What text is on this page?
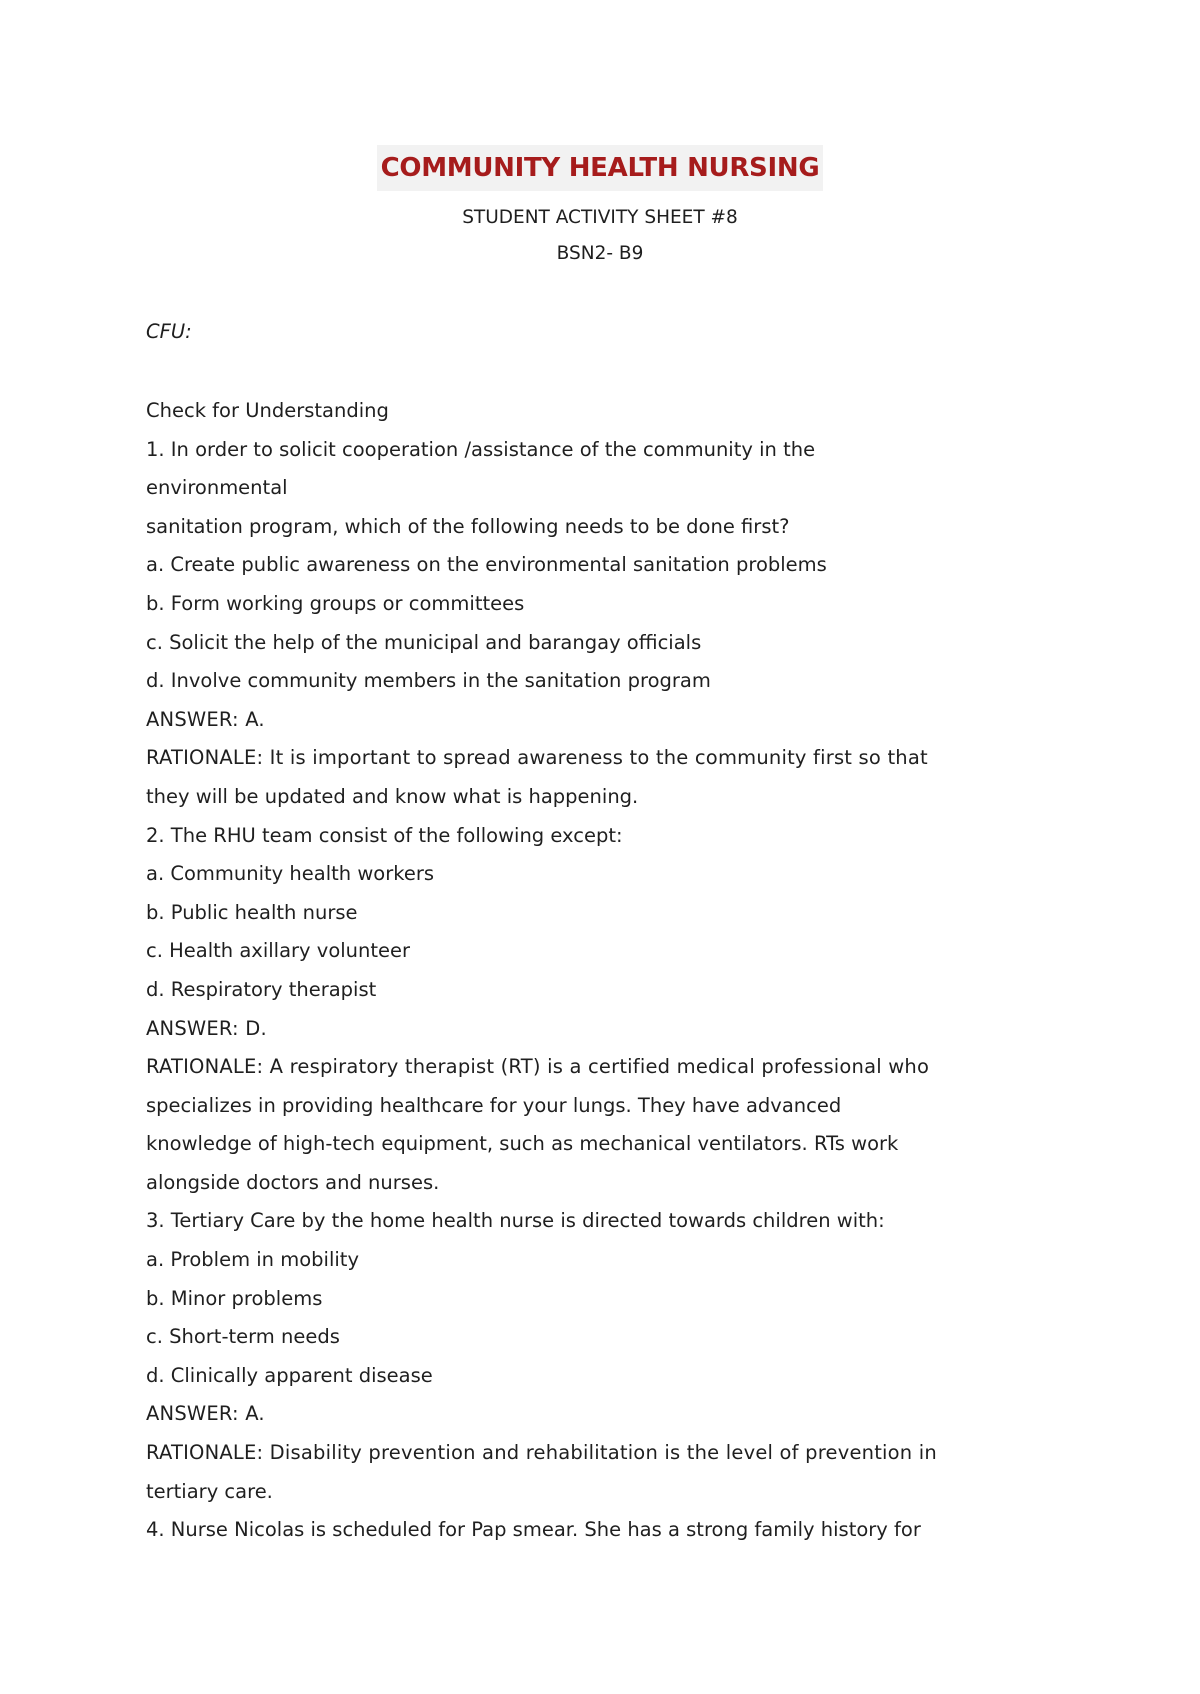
COMMUNITY HEALTH NURSING
STUDENT ACTIVITY SHEET #8
BSN2- B9
CFU:
Check for Understanding
1. In order to solicit cooperation /assistance of the community in the
environmental
sanitation program, which of the following needs to be done first?
a. Create public awareness on the environmental sanitation problems
b. Form working groups or committees
c. Solicit the help of the municipal and barangay officials
d. Involve community members in the sanitation program
ANSWER: A.
RATIONALE: It is important to spread awareness to the community first so that
they will be updated and know what is happening.
2. The RHU team consist of the following except:
a. Community health workers
b. Public health nurse
c. Health axillary volunteer
d. Respiratory therapist
ANSWER: D.
RATIONALE: A respiratory therapist (RT) is a certified medical professional who
specializes in providing healthcare for your lungs. They have advanced
knowledge of high-tech equipment, such as mechanical ventilators. RTs work
alongside doctors and nurses.
3. Tertiary Care by the home health nurse is directed towards children with:
a. Problem in mobility
b. Minor problems
c. Short-term needs
d. Clinically apparent disease
ANSWER: A.
RATIONALE: Disability prevention and rehabilitation is the level of prevention in
tertiary care.
4. Nurse Nicolas is scheduled for Pap smear. She has a strong family history for
